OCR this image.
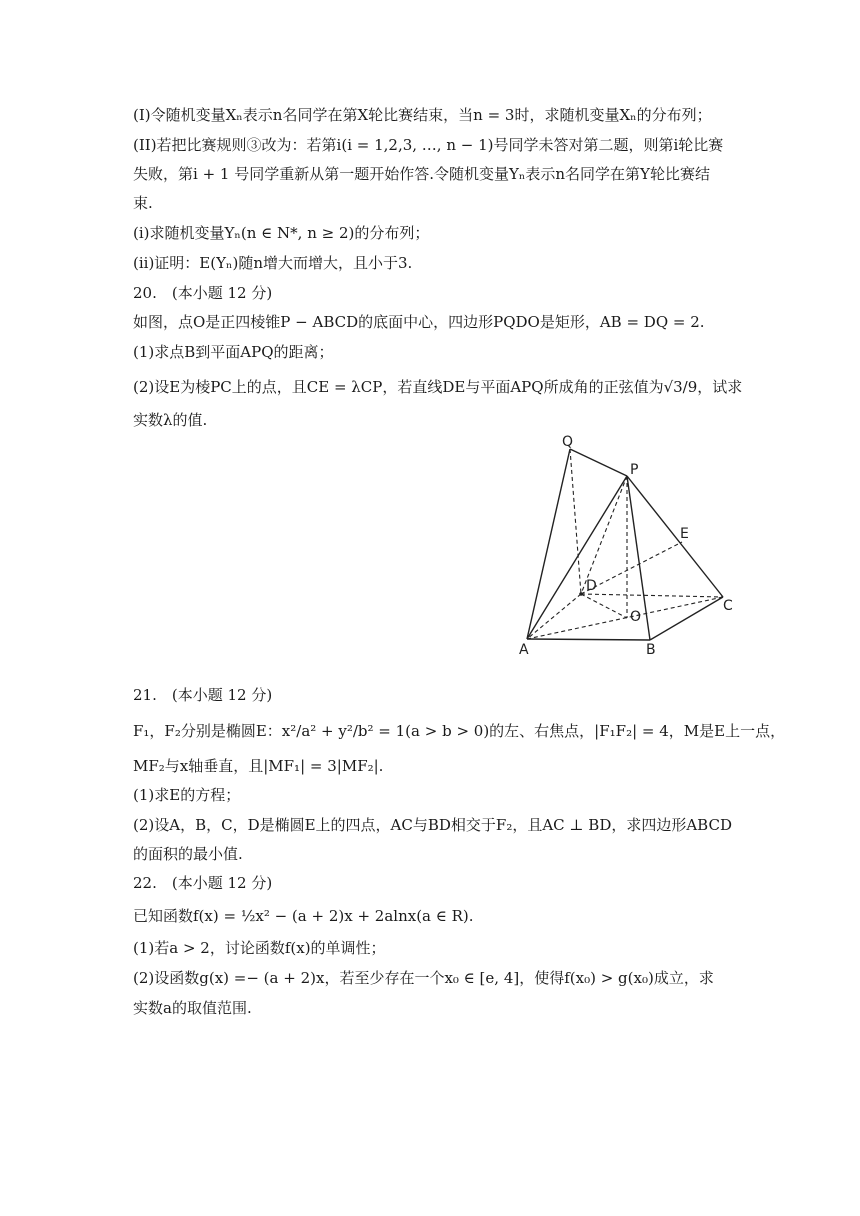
(I)令随机变量Xₙ表示n名同学在第X轮比赛结束，当n = 3时，求随机变量Xₙ的分布列；
(II)若把比赛规则③改为：若第i(i = 1,2,3, …, n − 1)号同学未答对第二题，则第i轮比赛
失败，第i + 1 号同学重新从第一题开始作答.令随机变量Yₙ表示n名同学在第Y轮比赛结
束.
(i)求随机变量Yₙ(n ∈ N*, n ≥ 2)的分布列；
(ii)证明：E(Yₙ)随n增大而增大，且小于3.
20.　(本小题 12 分)
如图，点O是正四棱锥P − ABCD的底面中心，四边形PQDO是矩形，AB = DQ = 2.
(1)求点B到平面APQ的距离；
(2)设E为棱PC上的点，且CE = λCP，若直线DE与平面APQ所成角的正弦值为√3/9，试求
实数λ的值.
Q
P
E
D
C
O
A	B
21.　(本小题 12 分)
F₁，F₂分别是椭圆E：x²/a² + y²/b² = 1(a > b > 0)的左、右焦点，|F₁F₂| = 4，M是E上一点，
MF₂与x轴垂直，且|MF₁| = 3|MF₂|.
(1)求E的方程；
(2)设A，B，C，D是椭圆E上的四点，AC与BD相交于F₂，且AC ⊥ BD，求四边形ABCD
的面积的最小值.
22.　(本小题 12 分)
已知函数f(x) = ½x² − (a + 2)x + 2alnx(a ∈ R).
(1)若a > 2，讨论函数f(x)的单调性；
(2)设函数g(x) =− (a + 2)x，若至少存在一个x₀ ∈ [e, 4]，使得f(x₀) > g(x₀)成立，求
实数a的取值范围.
